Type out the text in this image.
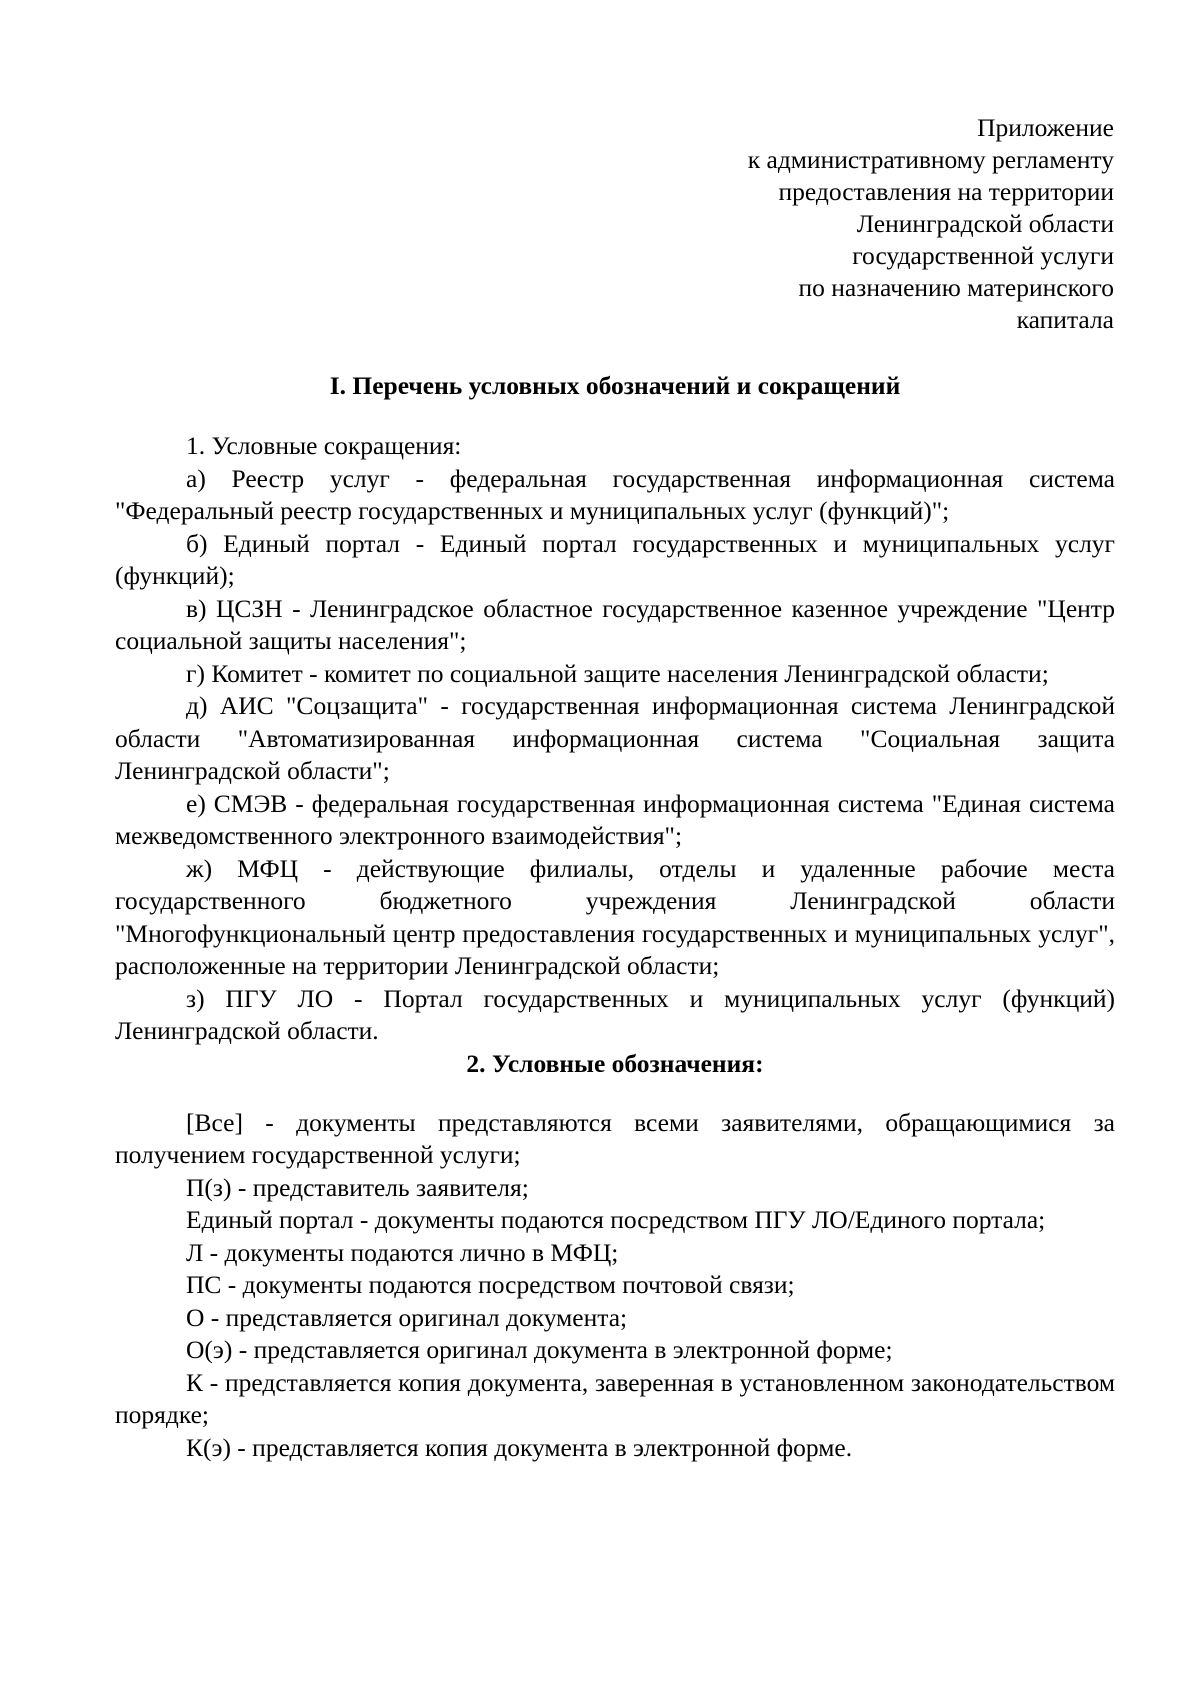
Приложение
к административному регламенту
предоставления на территории
Ленинградской области
государственной услуги
по назначению материнского
капитала
I. Перечень условных обозначений и сокращений

1. Условные сокращения:

а) Реестр услуг - федеральная государственная информационная система "Федеральный реестр государственных и муниципальных услуг (функций)";

б) Единый портал - Единый портал государственных и муниципальных услуг (функций);

в) ЦСЗН - Ленинградское областное государственное казенное учреждение "Центр социальной защиты населения";

г) Комитет - комитет по социальной защите населения Ленинградской области;

д) АИС "Соцзащита" - государственная информационная система Ленинградской области "Автоматизированная информационная система "Социальная защита Ленинградской области";

е) СМЭВ - федеральная государственная информационная система "Единая система межведомственного электронного взаимодействия";

ж) МФЦ - действующие филиалы, отделы и удаленные рабочие места государственного бюджетного учреждения Ленинградской области "Многофункциональный центр предоставления государственных и муниципальных услуг", расположенные на территории Ленинградской области;

з) ПГУ ЛО - Портал государственных и муниципальных услуг (функций) Ленинградской области.

2. Условные обозначения:

[Все] - документы представляются всеми заявителями, обращающимися за получением государственной услуги;

П(з) - представитель заявителя;

Единый портал - документы подаются посредством ПГУ ЛО/Единого портала;

Л - документы подаются лично в МФЦ;

ПС - документы подаются посредством почтовой связи;

О - представляется оригинал документа;

О(э) - представляется оригинал документа в электронной форме;

К - представляется копия документа, заверенная в установленном законодательством порядке;

К(э) - представляется копия документа в электронной форме.
